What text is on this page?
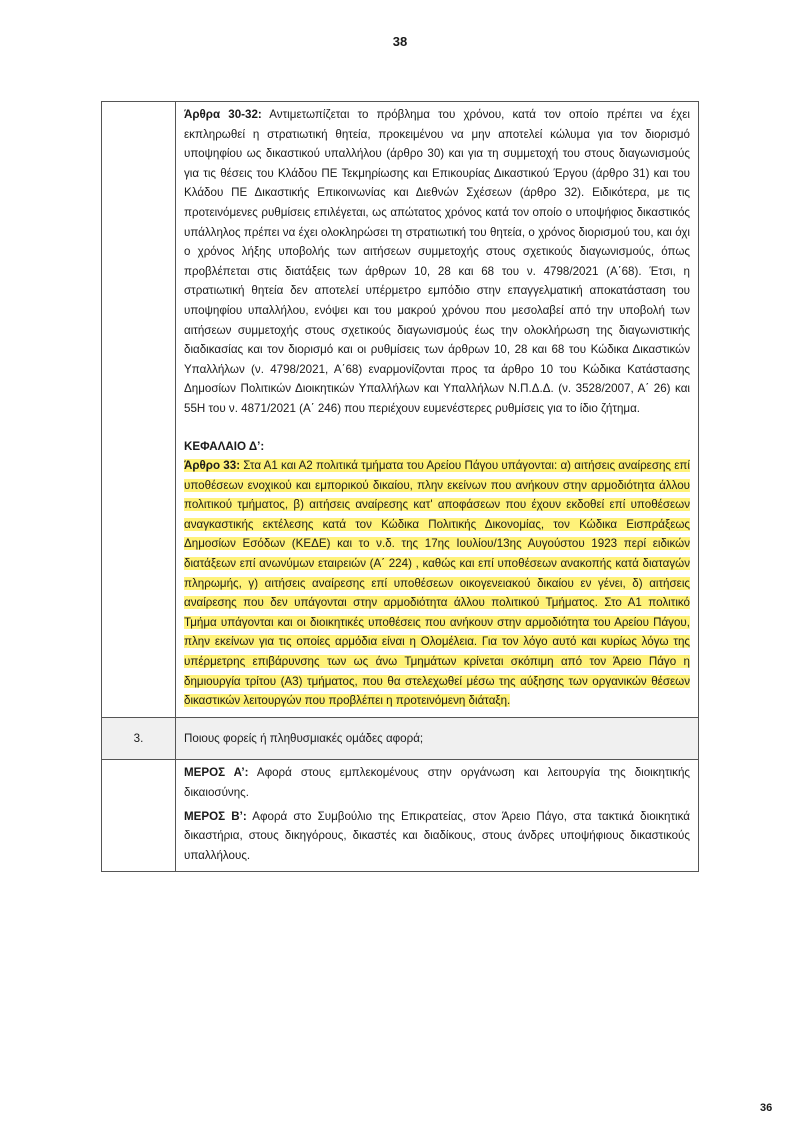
38

	Άρθρα 30-32: Αντιμετωπίζεται το πρόβλημα του χρόνου, κατά τον οποίο πρέπει να έχει εκπληρωθεί η στρατιωτική θητεία, προκειμένου να μην αποτελεί κώλυμα για τον διορισμό υποψηφίου ως δικαστικού υπαλλήλου (άρθρο 30) και για τη συμμετοχή του στους διαγωνισμούς για τις θέσεις του Κλάδου ΠΕ Τεκμηρίωσης και Επικουρίας Δικαστικού Έργου (άρθρο 31) και του Κλάδου ΠΕ Δικαστικής Επικοινωνίας και Διεθνών Σχέσεων (άρθρο 32). Ειδικότερα, με τις προτεινόμενες ρυθμίσεις επιλέγεται, ως απώτατος χρόνος κατά τον οποίο ο υποψήφιος δικαστικός υπάλληλος πρέπει να έχει ολοκληρώσει τη στρατιωτική του θητεία, ο χρόνος διορισμού του, και όχι ο χρόνος λήξης υποβολής των αιτήσεων συμμετοχής στους σχετικούς διαγωνισμούς, όπως προβλέπεται στις διατάξεις των άρθρων 10, 28 και 68 του ν. 4798/2021 (Α΄68). Έτσι, η στρατιωτική θητεία δεν αποτελεί υπέρμετρο εμπόδιο στην επαγγελματική αποκατάσταση του υποψηφίου υπαλλήλου, ενόψει και του μακρού χρόνου που μεσολαβεί από την υποβολή των αιτήσεων συμμετοχής στους σχετικούς διαγωνισμούς έως την ολοκλήρωση της διαγωνιστικής διαδικασίας και τον διορισμό και οι ρυθμίσεις των άρθρων 10, 28 και 68 του Κώδικα Δικαστικών Υπαλλήλων (ν. 4798/2021, Α΄68) εναρμονίζονται προς τα άρθρο 10 του Κώδικα Κατάστασης Δημοσίων Πολιτικών Διοικητικών Υπαλλήλων και Υπαλλήλων Ν.Π.Δ.Δ. (ν. 3528/2007, Α΄ 26) και 55Η του ν. 4871/2021 (Α΄ 246) που περιέχουν ευμενέστερες ρυθμίσεις για το ίδιο ζήτημα.

ΚΕΦΑΛΑΙΟ Δ’:

Άρθρο 33: Στα Α1 και Α2 πολιτικά τμήματα του Αρείου Πάγου υπάγονται: α) αιτήσεις αναίρεσης επί υποθέσεων ενοχικού και εμπορικού δικαίου, πλην εκείνων που ανήκουν στην αρμοδιότητα άλλου πολιτικού τμήματος, β) αιτήσεις αναίρεσης κατ' αποφάσεων που έχουν εκδοθεί επί υποθέσεων αναγκαστικής εκτέλεσης κατά τον Κώδικα Πολιτικής Δικονομίας, τον Κώδικα Εισπράξεως Δημοσίων Εσόδων (ΚΕΔΕ) και το ν.δ. της 17ης Ιουλίου/13ης Αυγούστου 1923 περί ειδικών διατάξεων επί ανωνύμων εταιρειών (Α΄ 224) , καθώς και επί υποθέσεων ανακοπής κατά διαταγών πληρωμής, γ) αιτήσεις αναίρεσης επί υποθέσεων οικογενειακού δικαίου εν γένει, δ) αιτήσεις αναίρεσης που δεν υπάγονται στην αρμοδιότητα άλλου πολιτικού Τμήματος. Στο Α1 πολιτικό Τμήμα υπάγονται και οι διοικητικές υποθέσεις που ανήκουν στην αρμοδιότητα του Αρείου Πάγου, πλην εκείνων για τις οποίες αρμόδια είναι η Ολομέλεια. Για τον λόγο αυτό και κυρίως λόγω της υπέρμετρης επιβάρυνσης των ως άνω Τμημάτων κρίνεται σκόπιμη από τον Άρειο Πάγο η δημιουργία τρίτου (Α3) τμήματος, που θα στελεχωθεί μέσω της αύξησης των οργανικών θέσεων δικαστικών λειτουργών που προβλέπει η προτεινόμενη διάταξη.

3.	Ποιους φορείς ή πληθυσμιακές ομάδες αφορά;

	ΜΕΡΟΣ Α’: Αφορά στους εμπλεκομένους στην οργάνωση και λειτουργία της διοικητικής δικαιοσύνης.

ΜΕΡΟΣ Β’: Αφορά στο Συμβούλιο της Επικρατείας, στον Άρειο Πάγο, στα τακτικά διοικητικά δικαστήρια, στους δικηγόρους, δικαστές και διαδίκους, στους άνδρες υποψήφιους δικαστικούς υπαλλήλους.

36
